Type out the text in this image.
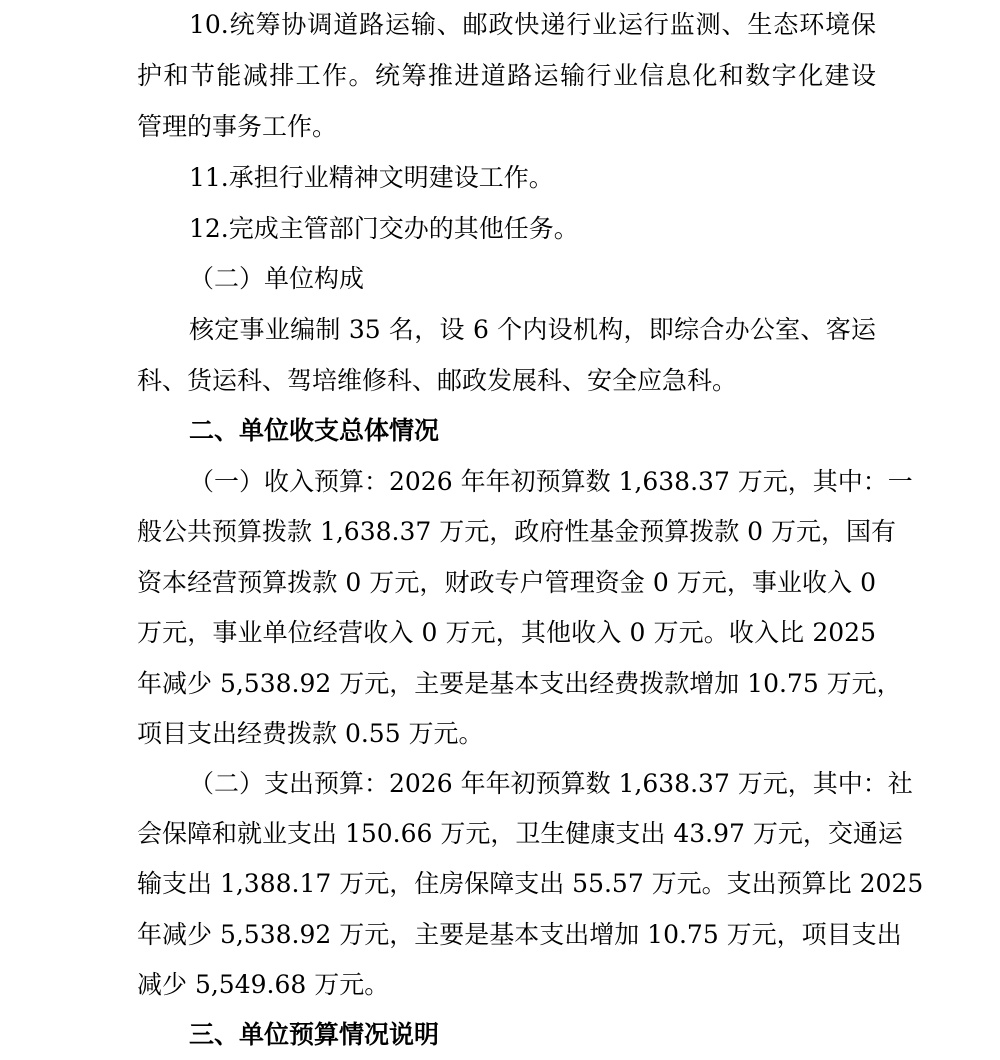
10.统筹协调道路运输、邮政快递行业运行监测、生态环境保
护和节能减排工作。统筹推进道路运输行业信息化和数字化建设
管理的事务工作。
11.承担行业精神文明建设工作。
12.完成主管部门交办的其他任务。
（二）单位构成
核定事业编制 35 名，设 6 个内设机构，即综合办公室、客运
科、货运科、驾培维修科、邮政发展科、安全应急科。
二、单位收支总体情况
（一）收入预算：2026 年年初预算数 1,638.37 万元，其中：一
般公共预算拨款 1,638.37 万元，政府性基金预算拨款 0 万元，国有
资本经营预算拨款 0 万元，财政专户管理资金 0 万元，事业收入 0
万元，事业单位经营收入 0 万元，其他收入 0 万元。收入比 2025
年减少 5,538.92 万元，主要是基本支出经费拨款增加 10.75 万元，
项目支出经费拨款 0.55 万元。
（二）支出预算：2026 年年初预算数 1,638.37 万元，其中：社
会保障和就业支出 150.66 万元，卫生健康支出 43.97 万元，交通运
输支出 1,388.17 万元，住房保障支出 55.57 万元。支出预算比 2025
年减少 5,538.92 万元，主要是基本支出增加 10.75 万元，项目支出
减少 5,549.68 万元。
三、单位预算情况说明
